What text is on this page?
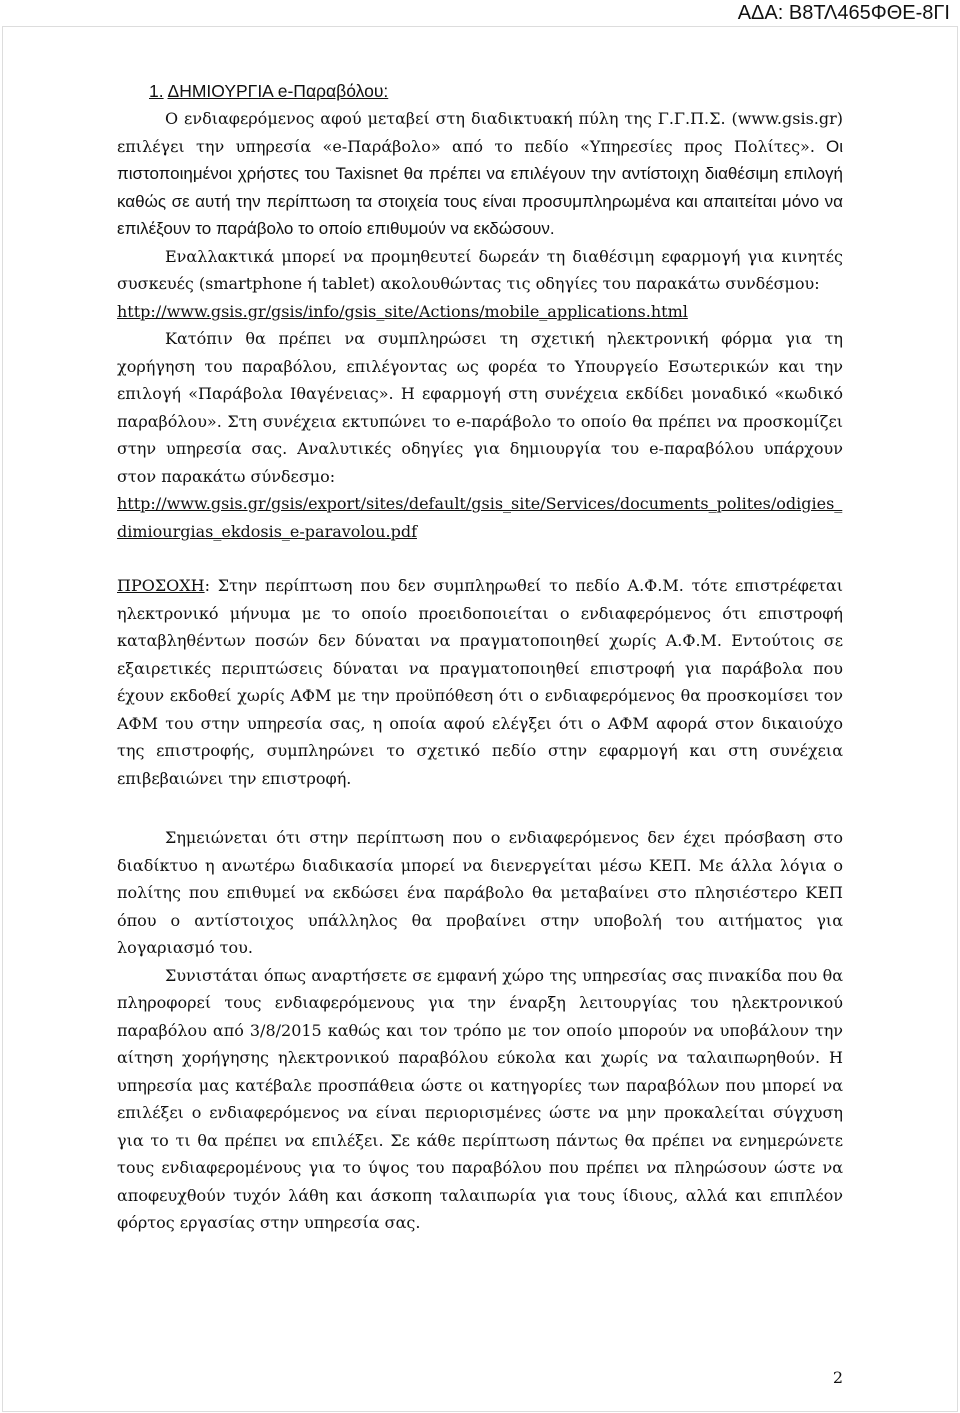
ΑΔΑ: Β8ΤΛ465ΦΘΕ-8ΓΙ
1. ΔΗΜΙΟΥΡΓΙΑ e-Παραβόλου:

Ο ενδιαφερόμενος αφού μεταβεί στη διαδικτυακή πύλη της Γ.Γ.Π.Σ. (www.gsis.gr) επιλέγει την υπηρεσία «e-Παράβολο» από το πεδίο «Υπηρεσίες προς Πολίτες». Οι πιστοποιημένοι χρήστες του Taxisnet θα πρέπει να επιλέγουν την αντίστοιχη διαθέσιμη επιλογή καθώς σε αυτή την περίπτωση τα στοιχεία τους είναι προσυμπληρωμένα και απαιτείται μόνο να επιλέξουν το παράβολο το οποίο επιθυμούν να εκδώσουν.

Εναλλακτικά μπορεί να προμηθευτεί δωρεάν τη διαθέσιμη εφαρμογή για κινητές συσκευές (smartphone ή tablet) ακολουθώντας τις οδηγίες του παρακάτω συνδέσμου:

http://www.gsis.gr/gsis/info/gsis_site/Actions/mobile_applications.html

Κατόπιν θα πρέπει να συμπληρώσει τη σχετική ηλεκτρονική φόρμα για τη χορήγηση του παραβόλου, επιλέγοντας ως φορέα το Υπουργείο Εσωτερικών και την επιλογή «Παράβολα Ιθαγένειας». Η εφαρμογή στη συνέχεια εκδίδει μοναδικό «κωδικό παραβόλου». Στη συνέχεια εκτυπώνει το e-παράβολο το οποίο θα πρέπει να προσκομίζει στην υπηρεσία σας. Αναλυτικές οδηγίες για δημιουργία του e-παραβόλου υπάρχουν στον παρακάτω σύνδεσμο:

http://www.gsis.gr/gsis/export/sites/default/gsis_site/Services/documents_polites/odigies_dimiourgias_ekdosis_e-paravolou.pdf

ΠΡΟΣΟΧΗ: Στην περίπτωση που δεν συμπληρωθεί το πεδίο Α.Φ.Μ. τότε επιστρέφεται ηλεκτρονικό μήνυμα με το οποίο προειδοποιείται ο ενδιαφερόμενος ότι επιστροφή καταβληθέντων ποσών δεν δύναται να πραγματοποιηθεί χωρίς Α.Φ.Μ. Εντούτοις σε εξαιρετικές περιπτώσεις δύναται να πραγματοποιηθεί επιστροφή για παράβολα που έχουν εκδοθεί χωρίς ΑΦΜ με την προϋπόθεση ότι ο ενδιαφερόμενος θα προσκομίσει τον ΑΦΜ του στην υπηρεσία σας, η οποία αφού ελέγξει ότι ο ΑΦΜ αφορά στον δικαιούχο της επιστροφής, συμπληρώνει το σχετικό πεδίο στην εφαρμογή και στη συνέχεια επιβεβαιώνει την επιστροφή.

Σημειώνεται ότι στην περίπτωση που ο ενδιαφερόμενος δεν έχει πρόσβαση στο διαδίκτυο η ανωτέρω διαδικασία μπορεί να διενεργείται μέσω ΚΕΠ. Με άλλα λόγια ο πολίτης που επιθυμεί να εκδώσει ένα παράβολο θα μεταβαίνει στο πλησιέστερο ΚΕΠ όπου ο αντίστοιχος υπάλληλος θα προβαίνει στην υποβολή του αιτήματος για λογαριασμό του.

Συνιστάται όπως αναρτήσετε σε εμφανή χώρο της υπηρεσίας σας πινακίδα που θα πληροφορεί τους ενδιαφερόμενους για την έναρξη λειτουργίας του ηλεκτρονικού παραβόλου από 3/8/2015 καθώς και τον τρόπο με τον οποίο μπορούν να υποβάλουν την αίτηση χορήγησης ηλεκτρονικού παραβόλου εύκολα και χωρίς να ταλαιπωρηθούν. Η υπηρεσία μας κατέβαλε προσπάθεια ώστε οι κατηγορίες των παραβόλων που μπορεί να επιλέξει ο ενδιαφερόμενος να είναι περιορισμένες ώστε να μην προκαλείται σύγχυση για το τι θα πρέπει να επιλέξει. Σε κάθε περίπτωση πάντως θα πρέπει να ενημερώνετε τους ενδιαφερομένους για το ύψος του παραβόλου που πρέπει να πληρώσουν ώστε να αποφευχθούν τυχόν λάθη και άσκοπη ταλαιπωρία για τους ίδιους, αλλά και επιπλέον φόρτος εργασίας στην υπηρεσία σας.

2
